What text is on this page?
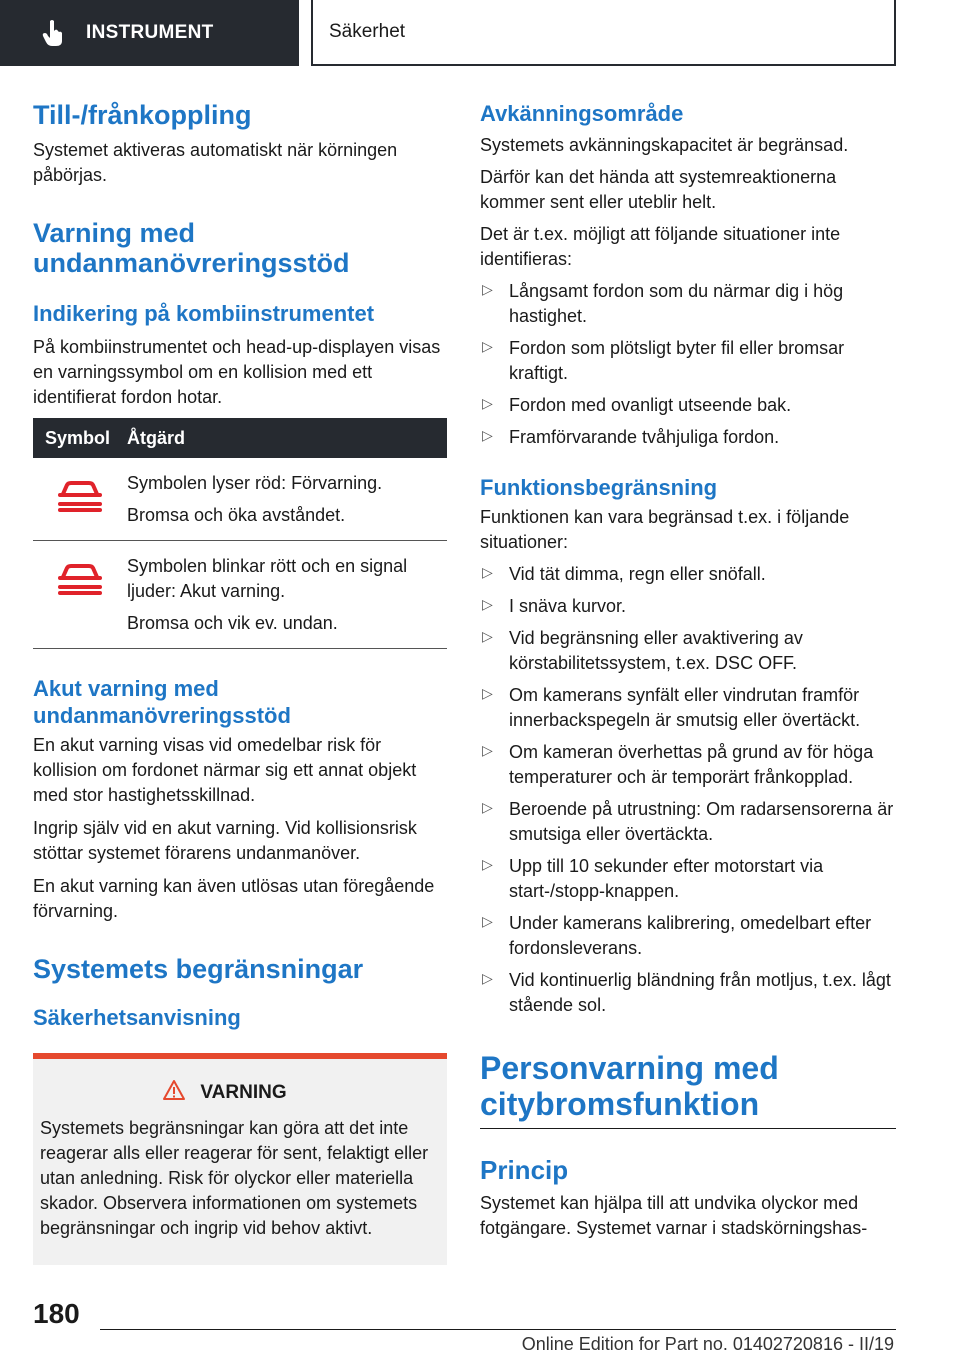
INSTRUMENT	Säkerhet
Till-/frånkoppling

Systemet aktiveras automatiskt när körningen påbörjas.

Varning med undanmanövreringsstöd
Indikering på kombiinstrumentet

På kombiinstrumentet och head-up-displayen visas en varningssymbol om en kollision med ett identifierat fordon hotar.

Symbol Åtgärd

Symbolen lyser röd: Förvarning.

Bromsa och öka avståndet.

Symbolen blinkar rött och en signal ljuder: Akut varning.

Bromsa och vik ev. undan.

Akut varning med undanmanövreringsstöd

En akut varning visas vid omedelbar risk för kollision om fordonet närmar sig ett annat objekt med stor hastighetsskillnad.

Ingrip själv vid en akut varning. Vid kollisionsrisk stöttar systemet förarens undanmanöver.

En akut varning kan även utlösas utan föregående förvarning.

Systemets begränsningar
Säkerhetsanvisning
VARNING

Systemets begränsningar kan göra att det inte reagerar alls eller reagerar för sent, felaktigt eller utan anledning. Risk för olyckor eller materiella skador. Observera informationen om systemets begränsningar och ingrip vid behov aktivt.

Avkänningsområde

Systemets avkänningskapacitet är begränsad.

Därför kan det hända att systemreaktionerna kommer sent eller uteblir helt.

Det är t.ex. möjligt att följande situationer inte identifieras:

▷ Långsamt fordon som du närmar dig i hög hastighet.
▷ Fordon som plötsligt byter fil eller bromsar kraftigt.
▷ Fordon med ovanligt utseende bak.
▷ Framförvarande tvåhjuliga fordon.
Funktionsbegränsning

Funktionen kan vara begränsad t.ex. i följande situationer:

▷ Vid tät dimma, regn eller snöfall.
▷ I snäva kurvor.
▷ Vid begränsning eller avaktivering av körstabilitetssystem, t.ex. DSC OFF.
▷ Om kamerans synfält eller vindrutan framför innerbackspegeln är smutsig eller övertäckt.
▷ Om kameran överhettas på grund av för höga temperaturer och är temporärt frånkopplad.
▷ Beroende på utrustning: Om radarsensorerna är smutsiga eller övertäckta.
▷ Upp till 10 sekunder efter motorstart via start-/stopp-knappen.
▷ Under kamerans kalibrering, omedelbart efter fordonsleverans.
▷ Vid kontinuerlig bländning från motljus, t.ex. lågt stående sol.
Personvarning med citybromsfunktion
Princip

Systemet kan hjälpa till att undvika olyckor med fotgängare. Systemet varnar i stadskörningshas-

180
Online Edition for Part no. 01402720816 - II/19
